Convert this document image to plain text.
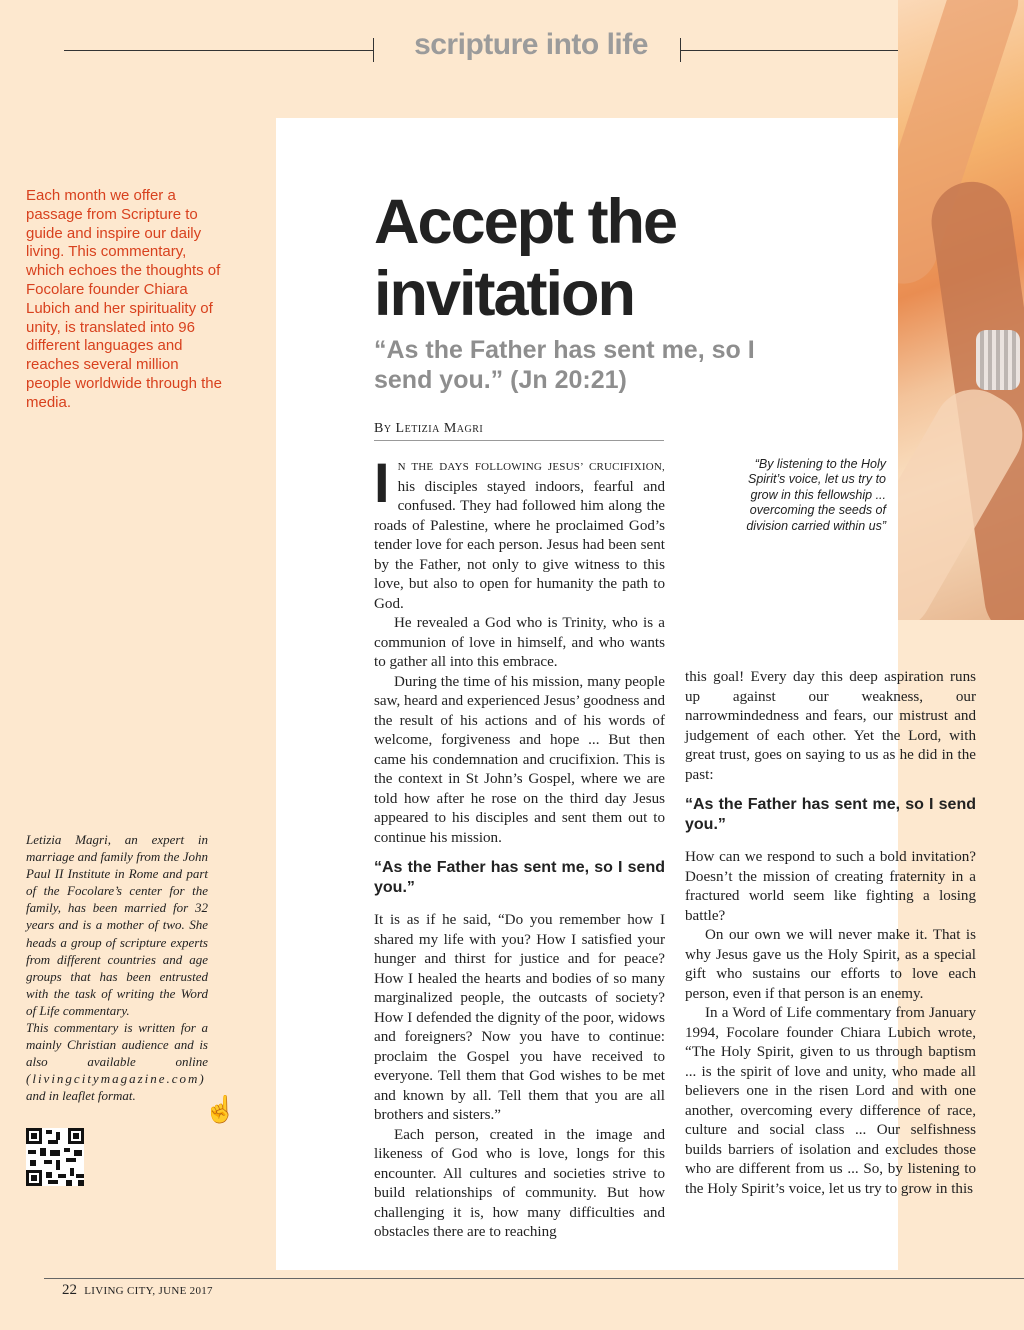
scripture into life

Each month we offer a passage from Scripture to guide and inspire our daily living. This commentary, which echoes the thoughts of Focolare founder Chiara Lubich and her spirituality of unity, is translated into 96 different languages and reaches several million people worldwide through the media.

Letizia Magri, an expert in marriage and family from the John Paul II Institute in Rome and part of the Focolare’s center for the family, has been married for 32 years and is a mother of two. She heads a group of scripture experts from different countries and age groups that has been entrusted with the task of writing the Word of Life commentary.

This commentary is written for a mainly Christian audience and is also available online (livingcitymagazine.com) and in leaflet format.	☝
Accept the invitation
“As the Father has sent me, so I send you.” (Jn 20:21)
By Letizia Magri

I N THE DAYS FOLLOWING JESUS’ CRUCIFIXION, his disciples stayed indoors, fearful and confused. They had followed him along the roads of Palestine, where he proclaimed God’s tender love for each person. Jesus had been sent by the Father, not only to give witness to this love, but also to open for humanity the path to God.

He revealed a God who is Trinity, who is a communion of love in himself, and who wants to gather all into this embrace.

During the time of his mission, many people saw, heard and experienced Jesus’ goodness and the result of his actions and of his words of welcome, forgiveness and hope ... But then came his condemnation and crucifixion. This is the context in St John’s Gospel, where we are told how after he rose on the third day Jesus appeared to his disciples and sent them out to continue his mission.

“As the Father has sent me, so I send you.”

It is as if he said, “Do you remember how I shared my life with you? How I satisfied your hunger and thirst for justice and for peace? How I healed the hearts and bodies of so many marginalized people, the outcasts of society? How I defended the dignity of the poor, widows and foreigners? Now you have to continue: proclaim the Gospel you have received to everyone. Tell them that God wishes to be met and known by all. Tell them that you are all brothers and sisters.”

Each person, created in the image and likeness of God who is love, longs for this encounter. All cultures and societies strive to build relationships of community. But how challenging it is, how many difficulties and obstacles there are to reaching

this goal! Every day this deep aspiration runs up against our weakness, our narrowmindedness and fears, our mistrust and judgement of each other. Yet the Lord, with great trust, goes on saying to us as he did in the past:

“As the Father has sent me, so I send you.”

How can we respond to such a bold invitation? Doesn’t the mission of creating fraternity in a fractured world seem like fighting a losing battle?

On our own we will never make it. That is why Jesus gave us the Holy Spirit, as a special gift who sustains our efforts to love each person, even if that person is an enemy.

In a Word of Life commentary from January 1994, Focolare founder Chiara Lubich wrote, “The Holy Spirit, given to us through baptism ... is the spirit of love and unity, who made all believers one in the risen Lord and with one another, overcoming every difference of race, culture and social class ... Our selfishness builds barriers of isolation and excludes those who are different from us ... So, by listening to the Holy Spirit’s voice, let us try to grow in this

“By listening to the Holy Spirit’s voice, let us try to grow in this fellowship ... overcoming the seeds of division carried within us”

22 LIVING CITY, JUNE 2017
